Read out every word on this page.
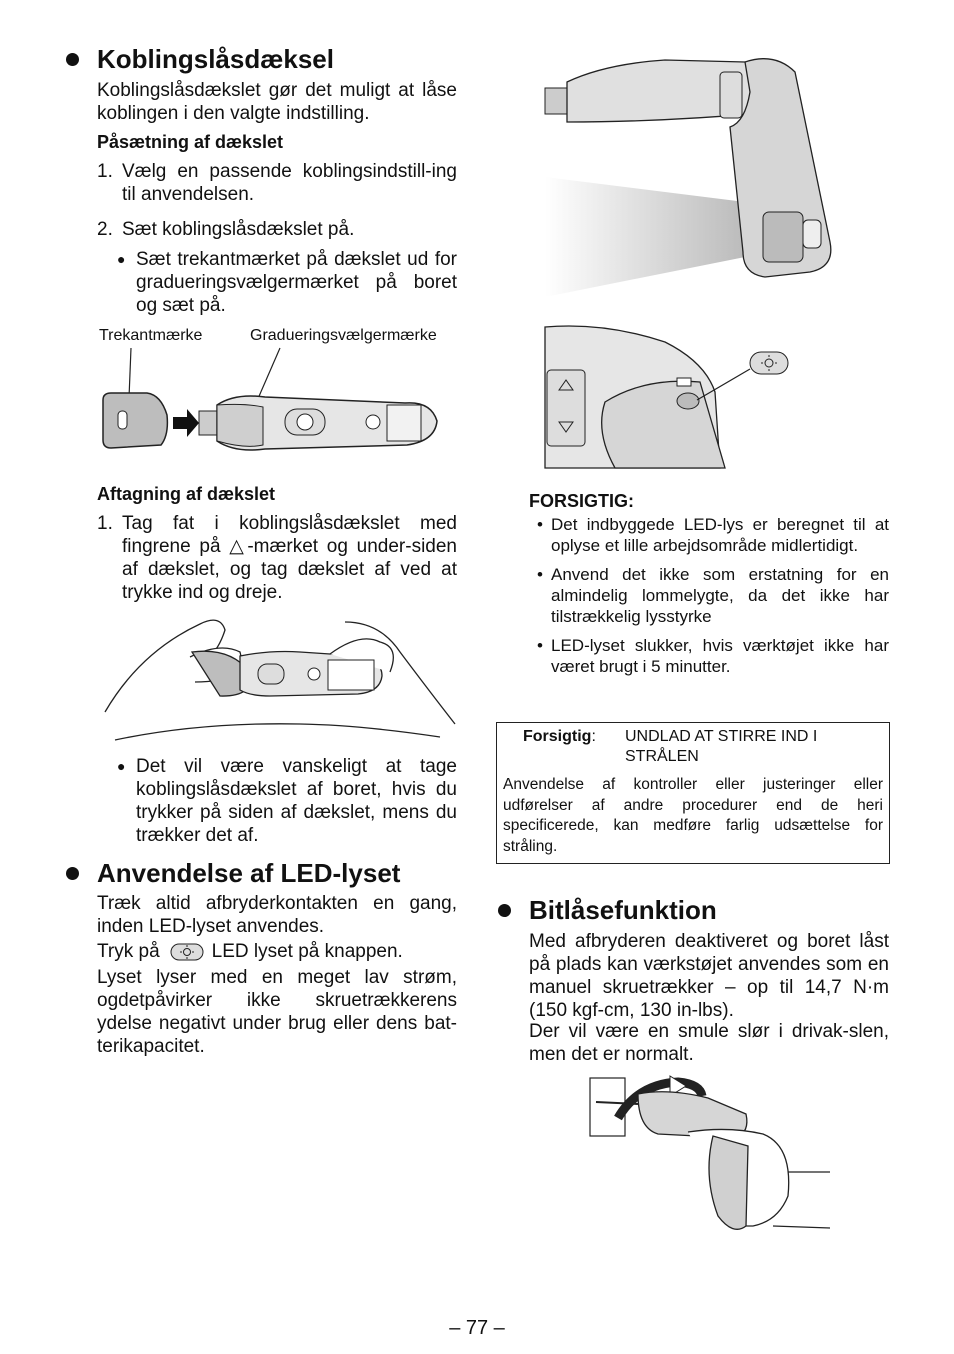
Koblingslåsdæksel
Koblingslåsdækslet gør det muligt at låse koblingen i den valgte indstilling.
Påsætning af dækslet
1. Vælg en passende koblingsindstill-ing til anvendelsen.
2. Sæt koblingslåsdækslet på.
● Sæt trekantmærket på dækslet ud for gradueringsvælgermærket på boret og sæt på.
Trekantmærke	Gradueringsvælgermærke
Aftagning af dækslet
1. Tag fat i koblingslåsdækslet med fingrene på △-mærket og under-siden af dækslet, og tag dækslet af ved at trykke ind og dreje.
● Det vil være vanskeligt at tage koblingslåsdækslet af boret, hvis du trykker på siden af dækslet, mens du trækker det af.
Anvendelse af LED-lyset
Træk altid afbryderkontakten en gang, inden LED-lyset anvendes.
Tryk på	LED lyset på knappen.
Lyset lyser med en meget lav strøm, ogdetpåvirker ikke skruetrækkerens ydelse negativt under brug eller dens bat-terikapacitet.
FORSIGTIG:
• Det indbyggede LED-lys er beregnet til at oplyse et lille arbejdsområde midlertidigt.
• Anvend det ikke som erstatning for en almindelig lommelygte, da det ikke har tilstrækkelig lysstyrke
• LED-lyset slukker, hvis værktøjet ikke har været brugt i 5 minutter.
Forsigtig: UNDLAD AT STIRRE IND I STRÅLEN
Anvendelse af kontroller eller justeringer eller udførelser af andre procedurer end de heri specificerede, kan medføre farlig udsættelse for stråling.
Bitlåsefunktion
Med afbryderen deaktiveret og boret låst på plads kan værkstøjet anvendes som en manuel skruetrækker – op til 14,7 N·m (150 kgf-cm, 130 in-lbs).
Der vil være en smule slør i drivak-slen, men det er normalt.
– 77 –
